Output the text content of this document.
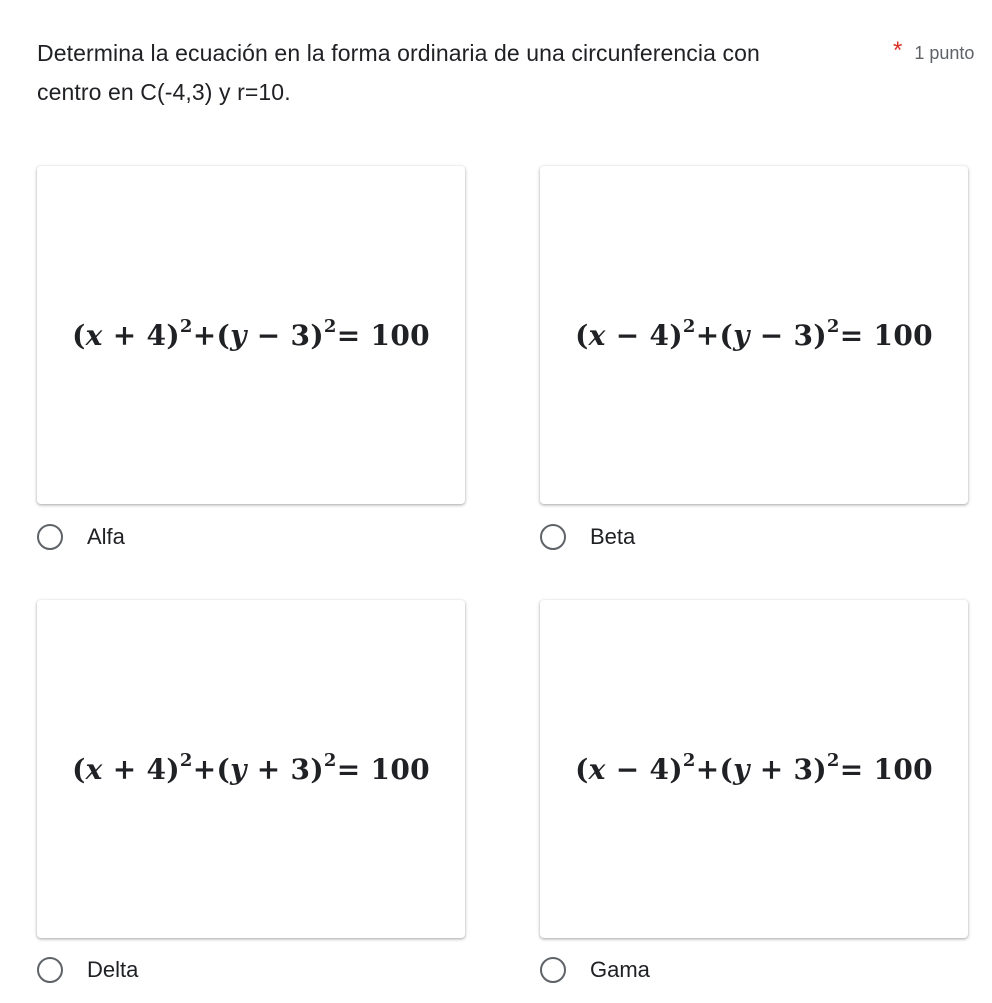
Determina la ecuación en la forma ordinaria de una circunferencia con
centro en C(-4,3) y r=10.
* 1 punto
$(x + 4)^2+(y - 3)^2= 100$
Alfa
$(x - 4)^2+(y - 3)^2= 100$
Beta
$(x + 4)^2+(y + 3)^2= 100$
Delta
$(x - 4)^2+(y + 3)^2= 100$
Gama
